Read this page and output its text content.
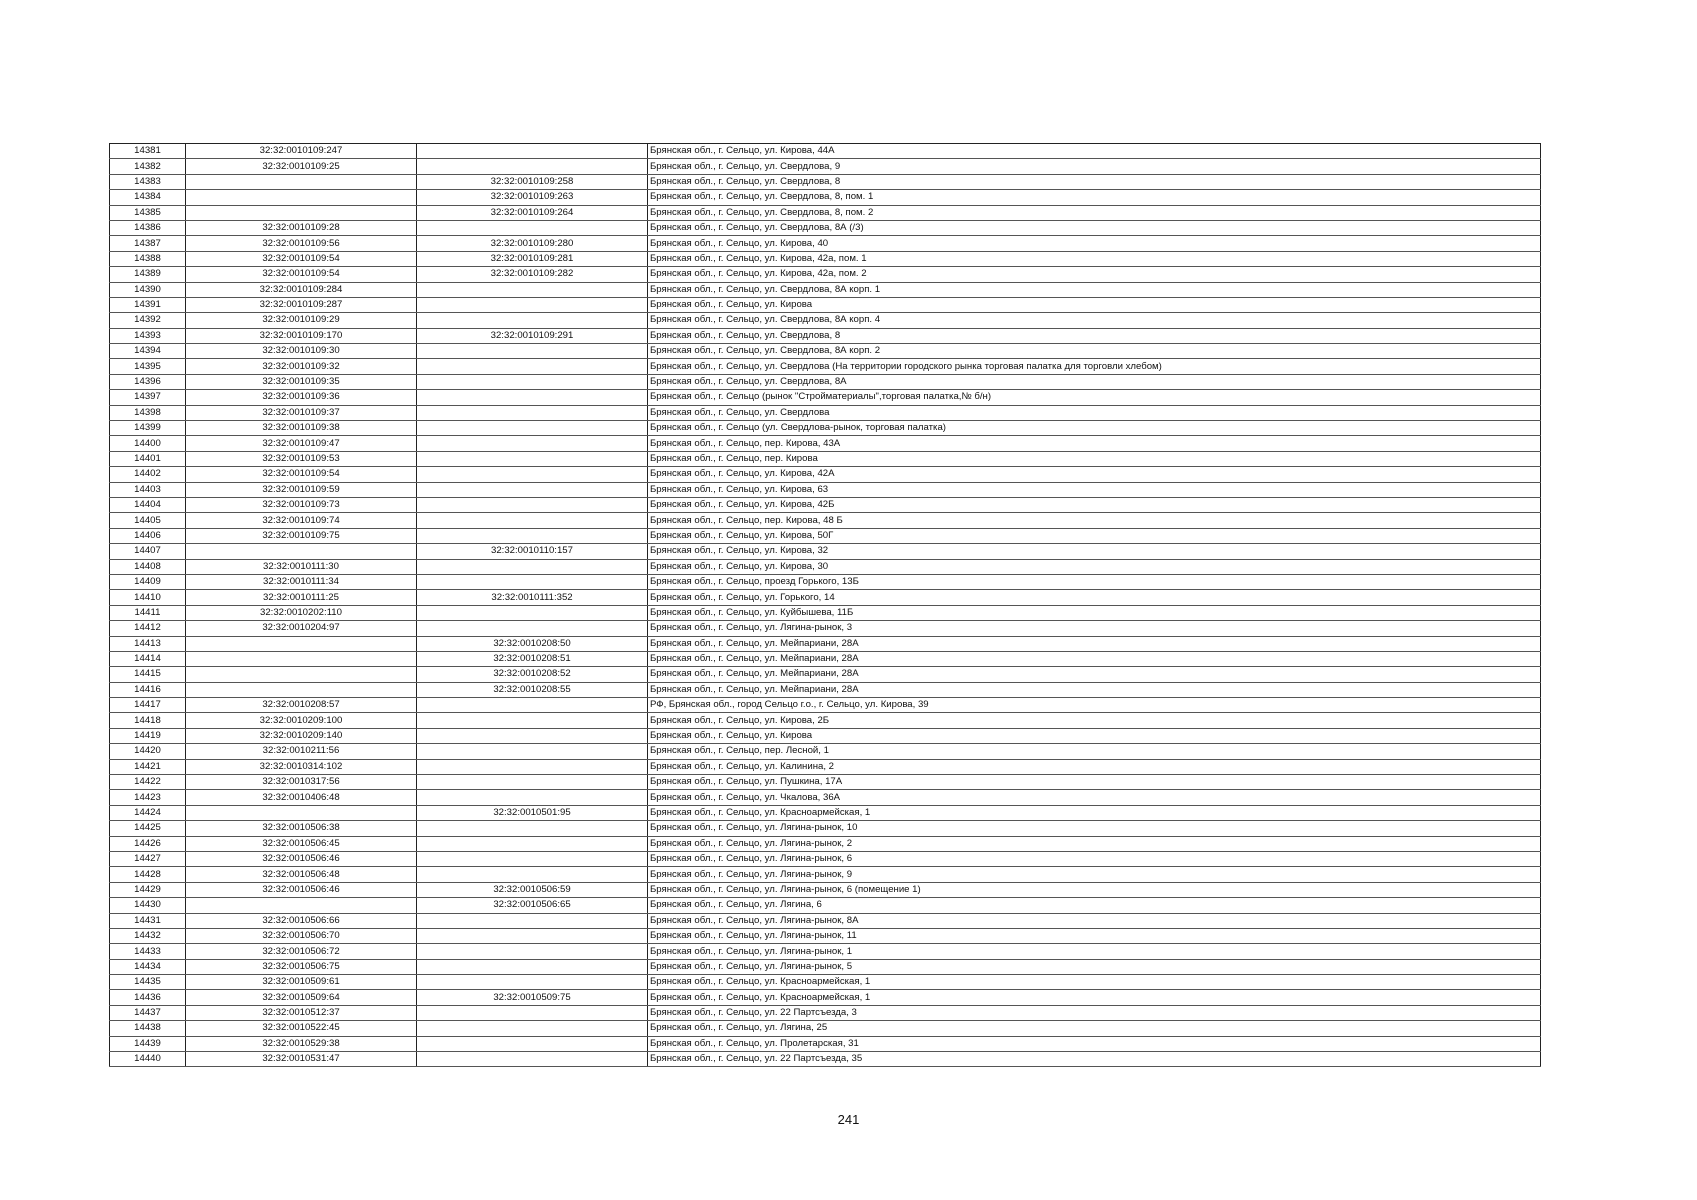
14381	32:32:0010109:247		Брянская обл., г. Сельцо, ул. Кирова, 44А
14382	32:32:0010109:25		Брянская обл., г. Сельцо, ул. Свердлова, 9
14383		32:32:0010109:258	Брянская обл., г. Сельцо, ул. Свердлова, 8
14384		32:32:0010109:263	Брянская обл., г. Сельцо, ул. Свердлова, 8, пом. 1
14385		32:32:0010109:264	Брянская обл., г. Сельцо, ул. Свердлова, 8, пом. 2
14386	32:32:0010109:28		Брянская обл., г. Сельцо, ул. Свердлова, 8А (/3)
14387	32:32:0010109:56	32:32:0010109:280	Брянская обл., г. Сельцо, ул. Кирова, 40
14388	32:32:0010109:54	32:32:0010109:281	Брянская обл., г. Сельцо, ул. Кирова, 42а, пом. 1
14389	32:32:0010109:54	32:32:0010109:282	Брянская обл., г. Сельцо, ул. Кирова, 42а, пом. 2
14390	32:32:0010109:284		Брянская обл., г. Сельцо, ул. Свердлова, 8А корп. 1
14391	32:32:0010109:287		Брянская обл., г. Сельцо, ул. Кирова
14392	32:32:0010109:29		Брянская обл., г. Сельцо, ул. Свердлова, 8А корп. 4
14393	32:32:0010109:170	32:32:0010109:291	Брянская обл., г. Сельцо, ул. Свердлова, 8
14394	32:32:0010109:30		Брянская обл., г. Сельцо, ул. Свердлова, 8А корп. 2
14395	32:32:0010109:32		Брянская обл., г. Сельцо, ул. Свердлова (На территории городского рынка торговая палатка для торговли хлебом)
14396	32:32:0010109:35		Брянская обл., г. Сельцо, ул. Свердлова, 8А
14397	32:32:0010109:36		Брянская обл., г. Сельцо (рынок "Стройматериалы",торговая палатка,№ б/н)
14398	32:32:0010109:37		Брянская обл., г. Сельцо, ул. Свердлова
14399	32:32:0010109:38		Брянская обл., г. Сельцо (ул. Свердлова-рынок, торговая палатка)
14400	32:32:0010109:47		Брянская обл., г. Сельцо, пер. Кирова, 43А
14401	32:32:0010109:53		Брянская обл., г. Сельцо, пер. Кирова
14402	32:32:0010109:54		Брянская обл., г. Сельцо, ул. Кирова, 42А
14403	32:32:0010109:59		Брянская обл., г. Сельцо, ул. Кирова, 63
14404	32:32:0010109:73		Брянская обл., г. Сельцо, ул. Кирова, 42Б
14405	32:32:0010109:74		Брянская обл., г. Сельцо, пер. Кирова, 48 Б
14406	32:32:0010109:75		Брянская обл., г. Сельцо, ул. Кирова, 50Г
14407		32:32:0010110:157	Брянская обл., г. Сельцо, ул. Кирова, 32
14408	32:32:0010111:30		Брянская обл., г. Сельцо, ул. Кирова, 30
14409	32:32:0010111:34		Брянская обл., г. Сельцо, проезд Горького, 13Б
14410	32:32:0010111:25	32:32:0010111:352	Брянская обл., г. Сельцо, ул. Горького, 14
14411	32:32:0010202:110		Брянская обл., г. Сельцо, ул. Куйбышева, 11Б
14412	32:32:0010204:97		Брянская обл., г. Сельцо, ул. Лягина-рынок, 3
14413		32:32:0010208:50	Брянская обл., г. Сельцо, ул. Мейпариани, 28А
14414		32:32:0010208:51	Брянская обл., г. Сельцо, ул. Мейпариани, 28А
14415		32:32:0010208:52	Брянская обл., г. Сельцо, ул. Мейпариани, 28А
14416		32:32:0010208:55	Брянская обл., г. Сельцо, ул. Мейпариани, 28А
14417	32:32:0010208:57		РФ, Брянская обл., город Сельцо г.о., г. Сельцо, ул. Кирова, 39
14418	32:32:0010209:100		Брянская обл., г. Сельцо, ул. Кирова, 2Б
14419	32:32:0010209:140		Брянская обл., г. Сельцо, ул. Кирова
14420	32:32:0010211:56		Брянская обл., г. Сельцо, пер. Лесной, 1
14421	32:32:0010314:102		Брянская обл., г. Сельцо, ул. Калинина, 2
14422	32:32:0010317:56		Брянская обл., г. Сельцо, ул. Пушкина, 17А
14423	32:32:0010406:48		Брянская обл., г. Сельцо, ул. Чкалова, 36А
14424		32:32:0010501:95	Брянская обл., г. Сельцо, ул. Красноармейская, 1
14425	32:32:0010506:38		Брянская обл., г. Сельцо, ул. Лягина-рынок, 10
14426	32:32:0010506:45		Брянская обл., г. Сельцо, ул. Лягина-рынок, 2
14427	32:32:0010506:46		Брянская обл., г. Сельцо, ул. Лягина-рынок, 6
14428	32:32:0010506:48		Брянская обл., г. Сельцо, ул. Лягина-рынок, 9
14429	32:32:0010506:46	32:32:0010506:59	Брянская обл., г. Сельцо, ул. Лягина-рынок, 6 (помещение 1)
14430		32:32:0010506:65	Брянская обл., г. Сельцо, ул. Лягина, 6
14431	32:32:0010506:66		Брянская обл., г. Сельцо, ул. Лягина-рынок, 8А
14432	32:32:0010506:70		Брянская обл., г. Сельцо, ул. Лягина-рынок, 11
14433	32:32:0010506:72		Брянская обл., г. Сельцо, ул. Лягина-рынок, 1
14434	32:32:0010506:75		Брянская обл., г. Сельцо, ул. Лягина-рынок, 5
14435	32:32:0010509:61		Брянская обл., г. Сельцо, ул. Красноармейская, 1
14436	32:32:0010509:64	32:32:0010509:75	Брянская обл., г. Сельцо, ул. Красноармейская, 1
14437	32:32:0010512:37		Брянская обл., г. Сельцо, ул. 22 Партсъезда, 3
14438	32:32:0010522:45		Брянская обл., г. Сельцо, ул. Лягина, 25
14439	32:32:0010529:38		Брянская обл., г. Сельцо, ул. Пролетарская, 31
14440	32:32:0010531:47		Брянская обл., г. Сельцо, ул. 22 Партсъезда, 35
241
